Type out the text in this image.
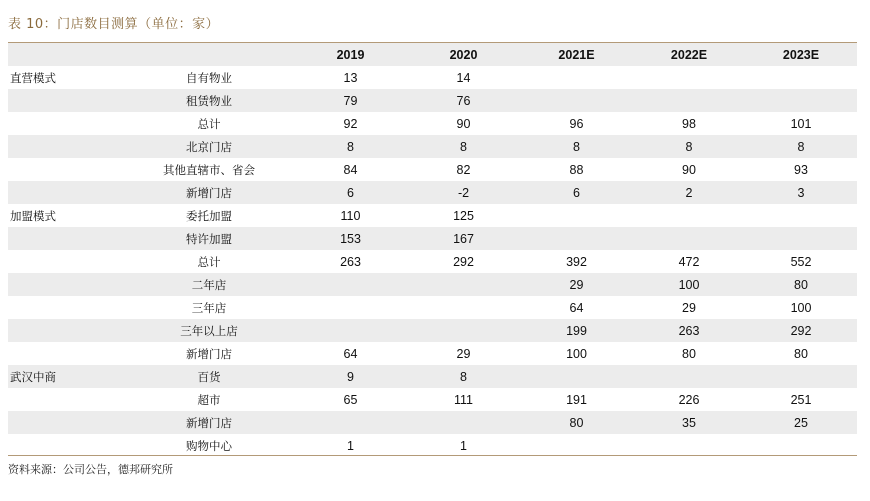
表 10：门店数目测算（单位：家）
		2019	2020	2021E	2022E	2023E
直营模式	自有物业	13	14			
	租赁物业	79	76			
	总计	92	90	96	98	101
	北京门店	8	8	8	8	8
	其他直辖市、省会	84	82	88	90	93
	新增门店	6	-2	6	2	3
加盟模式	委托加盟	110	125			
	特许加盟	153	167			
	总计	263	292	392	472	552
	二年店			29	100	80
	三年店			64	29	100
	三年以上店			199	263	292
	新增门店	64	29	100	80	80
武汉中商	百货	9	8			
	超市	65	111	191	226	251
	新增门店			80	35	25
	购物中心	1	1			
资料来源：公司公告，德邦研究所
